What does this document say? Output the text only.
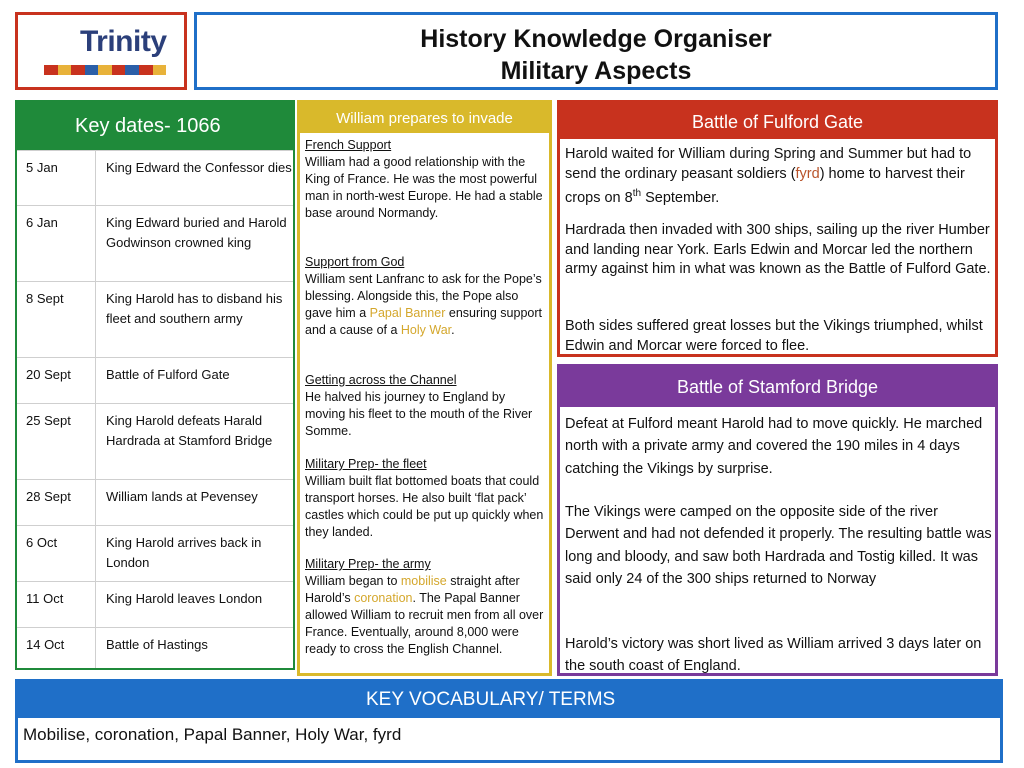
Trinity	History Knowledge Organiser
Military Aspects
Key dates- 1066
5 Jan	King Edward the Confessor dies
6 Jan	King Edward buried and Harold Godwinson crowned king
8 Sept	King Harold has to disband his fleet and southern army
20 Sept	Battle of Fulford Gate
25 Sept	King Harold defeats Harald Hardrada at Stamford Bridge
28 Sept	William lands at Pevensey
6 Oct	King Harold arrives back in London
11 Oct	King Harold leaves London
14 Oct	Battle of Hastings
William prepares to invade
French Support
William had a good relationship with the King of France. He was the most powerful man in north-west Europe. He had a stable base around Normandy.
Support from God
William sent Lanfranc to ask for the Pope’s blessing. Alongside this, the Pope also gave him a Papal Banner ensuring support and a cause of a Holy War.
Getting across the Channel
He halved his journey to England by moving his fleet to the mouth of the River Somme.
Military Prep- the fleet
William built flat bottomed boats that could transport horses. He also built ‘flat pack’ castles which could be put up quickly when they landed.
Military Prep- the army
William began to mobilise straight after Harold’s coronation. The Papal Banner allowed William to recruit men from all over France. Eventually, around 8,000 were ready to cross the English Channel.
Battle of Fulford Gate
Harold waited for William during Spring and Summer but had to send the ordinary peasant soldiers (fyrd) home to harvest their crops on 8th September.
Hardrada then invaded with 300 ships, sailing up the river Humber and landing near York. Earls Edwin and Morcar led the northern army against him in what was known as the Battle of Fulford Gate.
Both sides suffered great losses but the Vikings triumphed, whilst Edwin and Morcar were forced to flee.
Battle of Stamford Bridge
Defeat at Fulford meant Harold had to move quickly. He marched north with a private army and covered the 190 miles in 4 days catching the Vikings by surprise.
The Vikings were camped on the opposite side of the river Derwent and had not defended it properly. The resulting battle was long and bloody, and saw both Hardrada and Tostig killed. It was said only 24 of the 300 ships returned to Norway
Harold’s victory was short lived as William arrived 3 days later on the south coast of England.
KEY VOCABULARY/ TERMS
Mobilise, coronation, Papal Banner, Holy War, fyrd
